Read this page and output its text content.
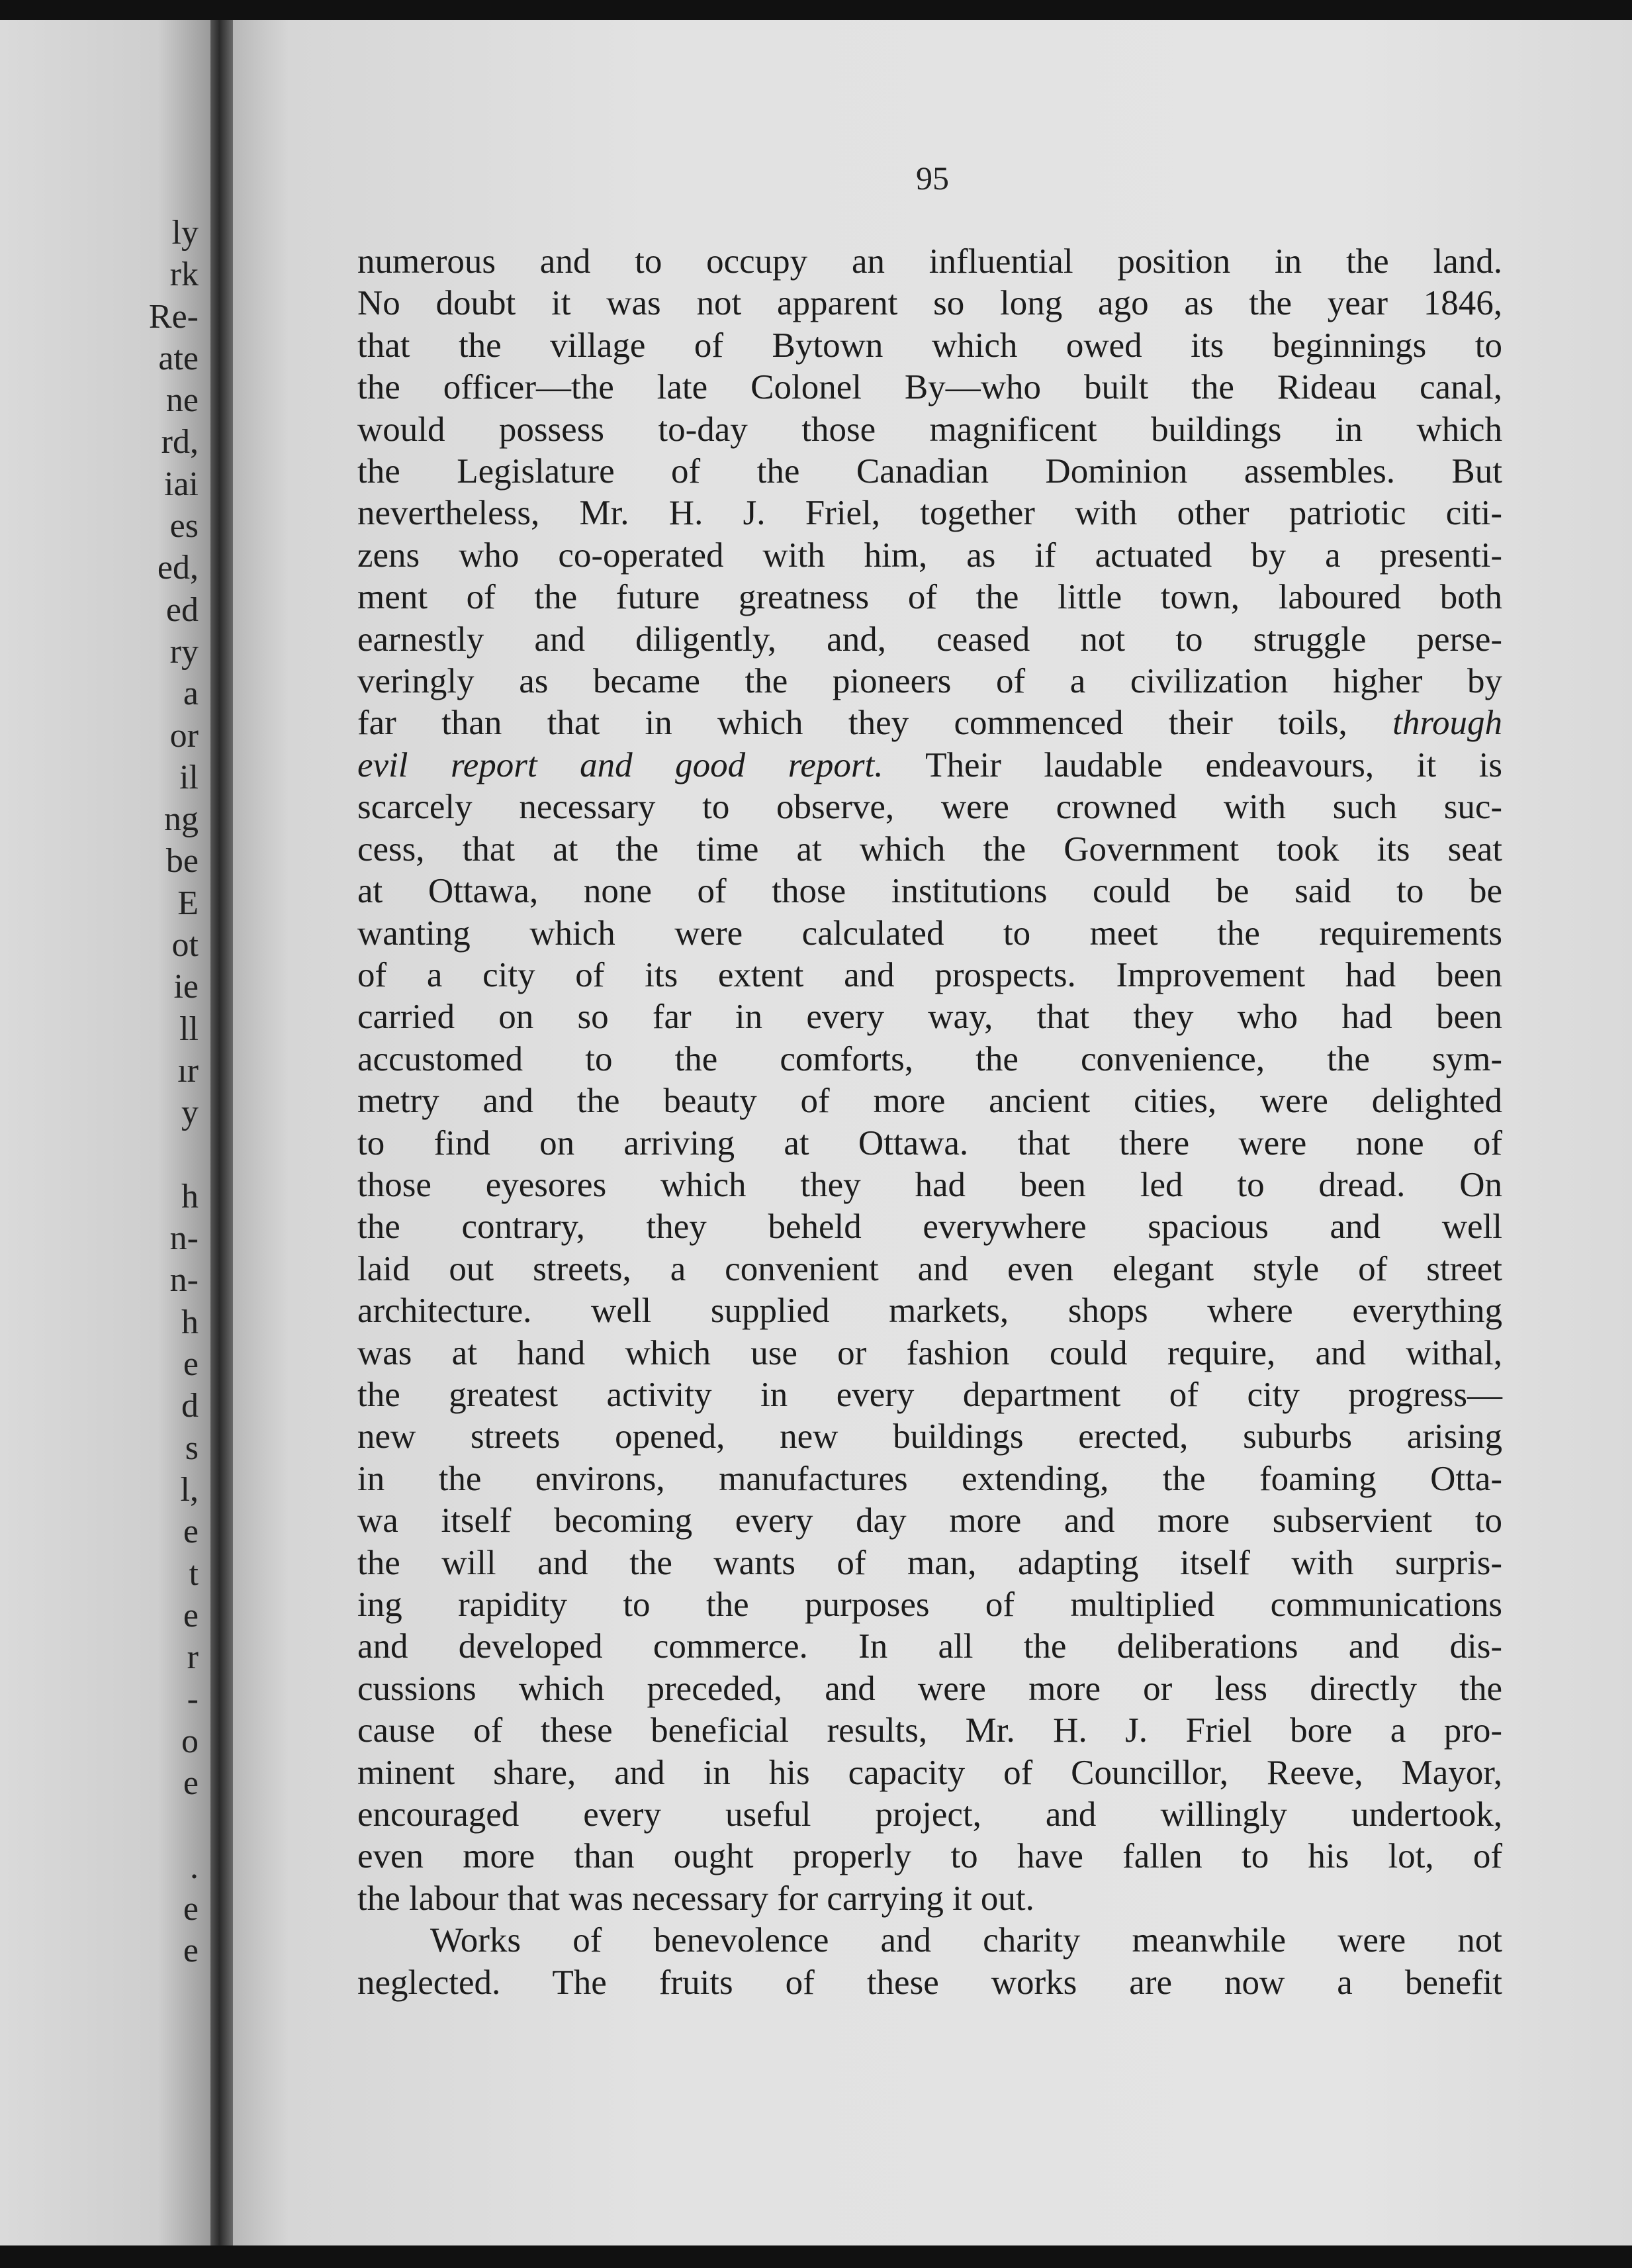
ly
rk
Re-
ate
ne
rd,
iai
es
ed,
ed
ry
a
or
il
ng
be
E
ot
ie
ll
ır
y

h
n-
n-
h
e
d
s
l,
e
t
e
r
-
o
e

.
e
e
95
numerous and to occupy an influential position in the land.
No doubt it was not apparent so long ago as the year 1846,
that the village of Bytown which owed its beginnings to
the officer—the late Colonel By—who built the Rideau canal,
would possess to-day those magnificent buildings in which
the Legislature of the Canadian Dominion assembles. But
nevertheless, Mr. H. J. Friel, together with other patriotic citi-
zens who co-operated with him, as if actuated by a presenti-
ment of the future greatness of the little town, laboured both
earnestly and diligently, and, ceased not to struggle perse-
veringly as became the pioneers of a civilization higher by
far than that in which they commenced their toils, through
evil report and good report. Their laudable endeavours, it is
scarcely necessary to observe, were crowned with such suc-
cess, that at the time at which the Government took its seat
at Ottawa, none of those institutions could be said to be
wanting which were calculated to meet the requirements
of a city of its extent and prospects. Improvement had been
carried on so far in every way, that they who had been
accustomed to the comforts, the convenience, the sym-
metry and the beauty of more ancient cities, were delighted
to find on arriving at Ottawa. that there were none of
those eyesores which they had been led to dread. On
the contrary, they beheld everywhere spacious and well
laid out streets, a convenient and even elegant style of street
architecture. well supplied markets, shops where everything
was at hand which use or fashion could require, and withal,
the greatest activity in every department of city progress—
new streets opened, new buildings erected, suburbs arising
in the environs, manufactures extending, the foaming Otta-
wa itself becoming every day more and more subservient to
the will and the wants of man, adapting itself with surpris-
ing rapidity to the purposes of multiplied communications
and developed commerce. In all the deliberations and dis-
cussions which preceded, and were more or less directly the
cause of these beneficial results, Mr. H. J. Friel bore a pro-
minent share, and in his capacity of Councillor, Reeve, Mayor,
encouraged every useful project, and willingly undertook,
even more than ought properly to have fallen to his lot, of
the labour that was necessary for carrying it out.
Works of benevolence and charity meanwhile were not
neglected. The fruits of these works are now a benefit
